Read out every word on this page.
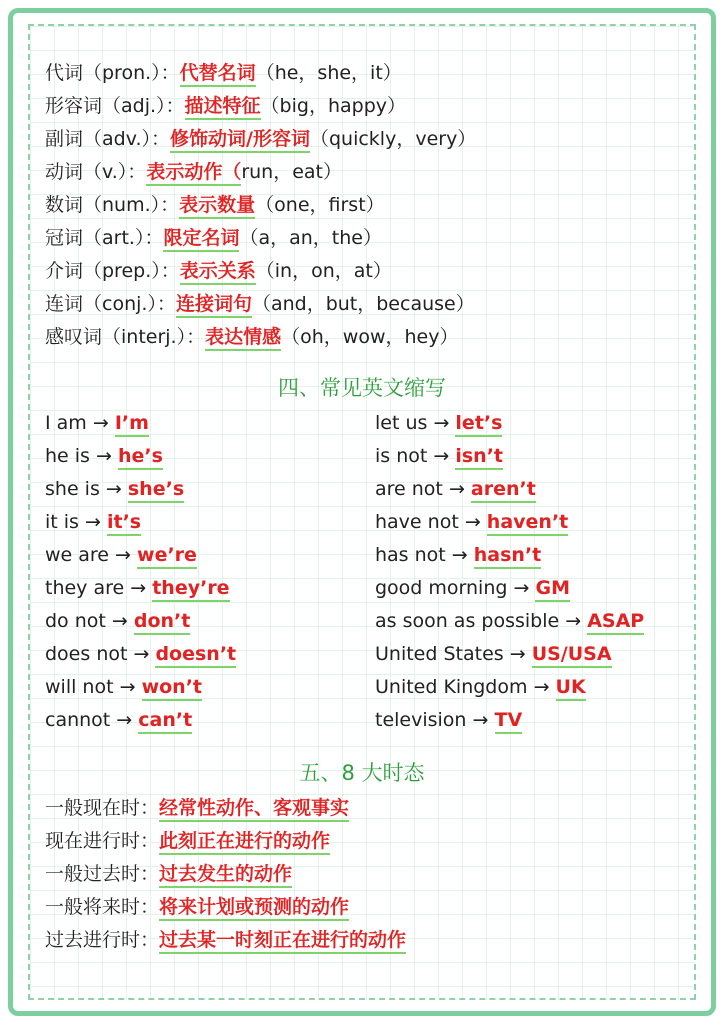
代词（pron.）：代替名词（he，she，it）
形容词（adj.）：描述特征（big，happy）
副词（adv.）：修饰动词/形容词（quickly，very）
动词（v.）：表示动作（run，eat）
数词（num.）：表示数量（one，first）
冠词（art.）：限定名词（a，an，the）
介词（prep.）：表示关系（in，on，at）
连词（conj.）：连接词句（and，but，because）
感叹词（interj.）：表达情感（oh，wow，hey）
四、常见英文缩写
I am → I’m
he is → he’s
she is → she’s
it is → it’s
we are → we’re
they are → they’re
do not → don’t
does not → doesn’t
will not → won’t
cannot → can’t
let us → let’s
is not → isn’t
are not → aren’t
have not → haven’t
has not → hasn’t
good morning → GM
as soon as possible → ASAP
United States → US/USA
United Kingdom → UK
television → TV
五、8 大时态
一般现在时：经常性动作、客观事实
现在进行时：此刻正在进行的动作
一般过去时：过去发生的动作
一般将来时：将来计划或预测的动作
过去进行时：过去某一时刻正在进行的动作
